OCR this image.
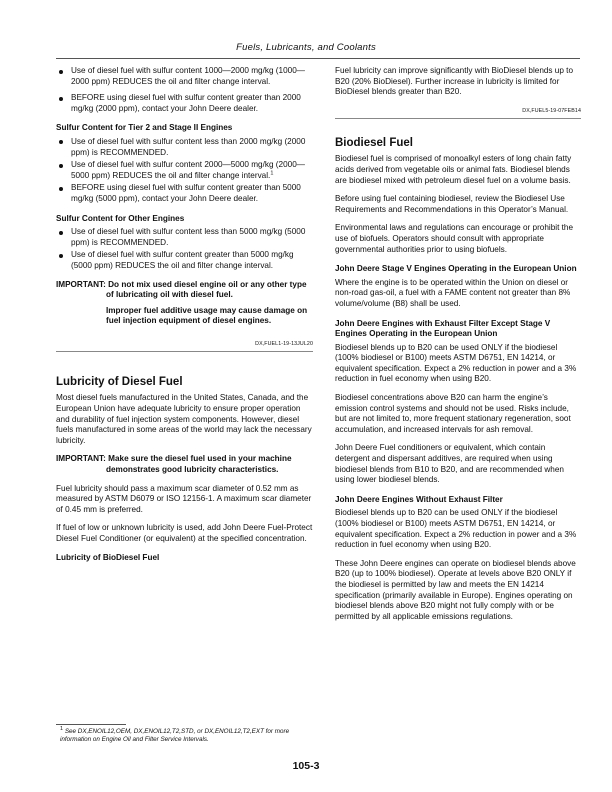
Fuels, Lubricants, and Coolants
Use of diesel fuel with sulfur content 1000—2000 mg/kg (1000—2000 ppm) REDUCES the oil and filter change interval.
BEFORE using diesel fuel with sulfur content greater than 2000 mg/kg (2000 ppm), contact your John Deere dealer.
Sulfur Content for Tier 2 and Stage II Engines
Use of diesel fuel with sulfur content less than 2000 mg/kg (2000 ppm) is RECOMMENDED.
Use of diesel fuel with sulfur content 2000—5000 mg/kg (2000—5000 ppm) REDUCES the oil and filter change interval.$^1$
BEFORE using diesel fuel with sulfur content greater than 5000 mg/kg (5000 ppm), contact your John Deere dealer.
Sulfur Content for Other Engines
Use of diesel fuel with sulfur content less than 5000 mg/kg (5000 ppm) is RECOMMENDED.
Use of diesel fuel with sulfur content greater than 5000 mg/kg (5000 ppm) REDUCES the oil and filter change interval.

IMPORTANT: Do not mix used diesel engine oil or any other type of lubricating oil with diesel fuel.

Improper fuel additive usage may cause damage on fuel injection equipment of diesel engines.

DX,FUEL1-19-13JUL20
Lubricity of Diesel Fuel

Most diesel fuels manufactured in the United States, Canada, and the European Union have adequate lubricity to ensure proper operation and durability of fuel injection system components. However, diesel fuels manufactured in some areas of the world may lack the necessary lubricity.

IMPORTANT: Make sure the diesel fuel used in your machine demonstrates good lubricity characteristics.

Fuel lubricity should pass a maximum scar diameter of 0.52 mm as measured by ASTM D6079 or ISO 12156-1. A maximum scar diameter of 0.45 mm is preferred.

If fuel of low or unknown lubricity is used, add John Deere Fuel-Protect Diesel Fuel Conditioner (or equivalent) at the specified concentration.

Lubricity of BioDiesel Fuel
$^1$ See DX,ENOIL12,OEM, DX,ENOIL12,T2,STD, or DX,ENOIL12,T2,EXT for more information on Engine Oil and Filter Service Intervals.

Fuel lubricity can improve significantly with BioDiesel blends up to B20 (20% BioDiesel). Further increase in lubricity is limited for BioDiesel blends greater than B20.

DX,FUEL5-19-07FEB14
Biodiesel Fuel

Biodiesel fuel is comprised of monoalkyl esters of long chain fatty acids derived from vegetable oils or animal fats. Biodiesel blends are biodiesel mixed with petroleum diesel fuel on a volume basis.

Before using fuel containing biodiesel, review the Biodiesel Use Requirements and Recommendations in this Operator’s Manual.

Environmental laws and regulations can encourage or prohibit the use of biofuels. Operators should consult with appropriate governmental authorities prior to using biofuels.

John Deere Stage V Engines Operating in the European Union

Where the engine is to be operated within the Union on diesel or non-road gas-oil, a fuel with a FAME content not greater than 8% volume/volume (B8) shall be used.

John Deere Engines with Exhaust Filter Except Stage V Engines Operating in the European Union

Biodiesel blends up to B20 can be used ONLY if the biodiesel (100% biodiesel or B100) meets ASTM D6751, EN 14214, or equivalent specification. Expect a 2% reduction in power and a 3% reduction in fuel economy when using B20.

Biodiesel concentrations above B20 can harm the engine’s emission control systems and should not be used. Risks include, but are not limited to, more frequent stationary regeneration, soot accumulation, and increased intervals for ash removal.

John Deere Fuel conditioners or equivalent, which contain detergent and dispersant additives, are required when using biodiesel blends from B10 to B20, and are recommended when using lower biodiesel blends.

John Deere Engines Without Exhaust Filter

Biodiesel blends up to B20 can be used ONLY if the biodiesel (100% biodiesel or B100) meets ASTM D6751, EN 14214, or equivalent specification. Expect a 2% reduction in power and a 3% reduction in fuel economy when using B20.

These John Deere engines can operate on biodiesel blends above B20 (up to 100% biodiesel). Operate at levels above B20 ONLY if the biodiesel is permitted by law and meets the EN 14214 specification (primarily available in Europe). Engines operating on biodiesel blends above B20 might not fully comply with or be permitted by all applicable emissions regulations.

105-3
